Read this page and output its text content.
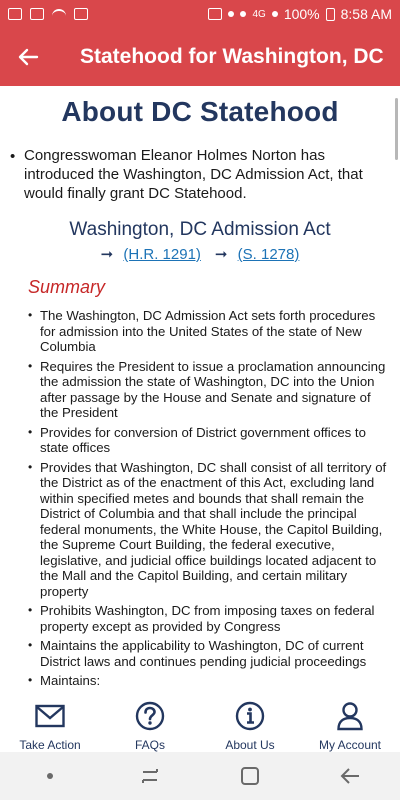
4G 100% 8:58 AM
Statehood for Washington, DC
About DC Statehood
• Congresswoman Eleanor Holmes Norton has introduced the Washington, DC Admission Act, that would finally grant DC Statehood.
Washington, DC Admission Act
➞ (H.R. 1291) ➞ (S. 1278)
Summary
• The Washington, DC Admission Act sets forth procedures for admission into the United States of the state of New Columbia
• Requires the President to issue a proclamation announcing the admission the state of Washington, DC into the Union after passage by the House and Senate and signature of the President
• Provides for conversion of District government offices to state offices
• Provides that Washington, DC shall consist of all territory of the District as of the enactment of this Act, excluding land within specified metes and bounds that shall remain the District of Columbia and that shall include the principal federal monuments, the White House, the Capitol Building, the Supreme Court Building, the federal executive, legislative, and judicial office buildings located adjacent to the Mall and the Capitol Building, and certain military property
• Prohibits Washington, DC from imposing taxes on federal property except as provided by Congress
• Maintains the applicability to Washington, DC of current District laws and continues pending judicial proceedings
• Maintains:
Take Action	FAQs	About Us	My Account
